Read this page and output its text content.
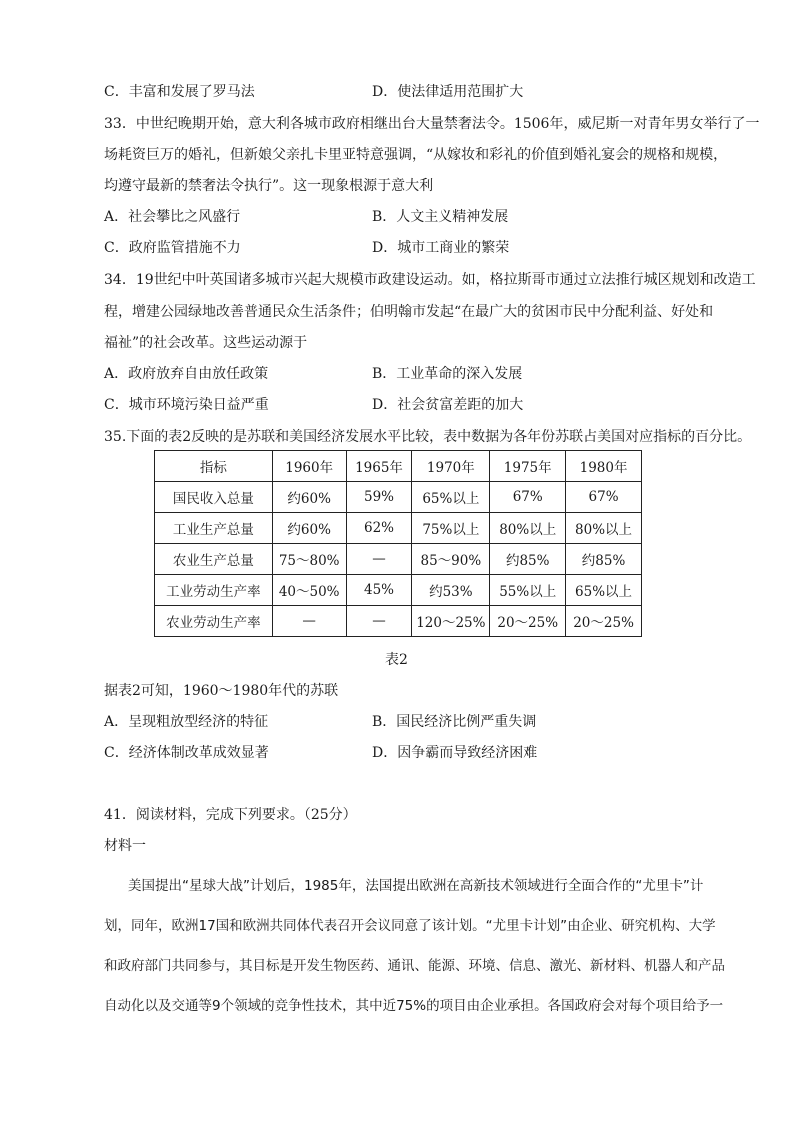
C．丰富和发展了罗马法	D．使法律适用范围扩大
33．中世纪晚期开始，意大利各城市政府相继出台大量禁奢法令。1506年，威尼斯一对青年男女举行了一
场耗资巨万的婚礼，但新娘父亲扎卡里亚特意强调，“从嫁妆和彩礼的价值到婚礼宴会的规格和规模，
均遵守最新的禁奢法令执行”。这一现象根源于意大利
A．社会攀比之风盛行	B．人文主义精神发展
C．政府监管措施不力	D．城市工商业的繁荣
34．19世纪中叶英国诸多城市兴起大规模市政建设运动。如，格拉斯哥市通过立法推行城区规划和改造工
程，增建公园绿地改善普通民众生活条件；伯明翰市发起“在最广大的贫困市民中分配利益、好处和
福祉”的社会改革。这些运动源于
A．政府放弃自由放任政策	B．工业革命的深入发展
C．城市环境污染日益严重	D．社会贫富差距的加大
35.下面的表2反映的是苏联和美国经济发展水平比较，表中数据为各年份苏联占美国对应指标的百分比。
指标	1960年	1965年	1970年	1975年	1980年
国民收入总量	约60%	59%	65%以上	67%	67%
工业生产总量	约60%	62%	75%以上	80%以上	80%以上
农业生产总量	75～80%	—	85～90%	约85%	约85%
工业劳动生产率	40～50%	45%	约53%	55%以上	65%以上
农业劳动生产率	—	—	120～25%	20～25%	20～25%
表2
据表2可知，1960～1980年代的苏联
A．呈现粗放型经济的特征	B．国民经济比例严重失调
C．经济体制改革成效显著	D．因争霸而导致经济困难
41．阅读材料，完成下列要求。（25分）
材料一
美国提出“星球大战”计划后，1985年，法国提出欧洲在高新技术领域进行全面合作的“尤里卡”计
划，同年，欧洲17国和欧洲共同体代表召开会议同意了该计划。“尤里卡计划”由企业、研究机构、大学
和政府部门共同参与，其目标是开发生物医药、通讯、能源、环境、信息、激光、新材料、机器人和产品
自动化以及交通等9个领域的竞争性技术，其中近75%的项目由企业承担。各国政府会对每个项目给予一
